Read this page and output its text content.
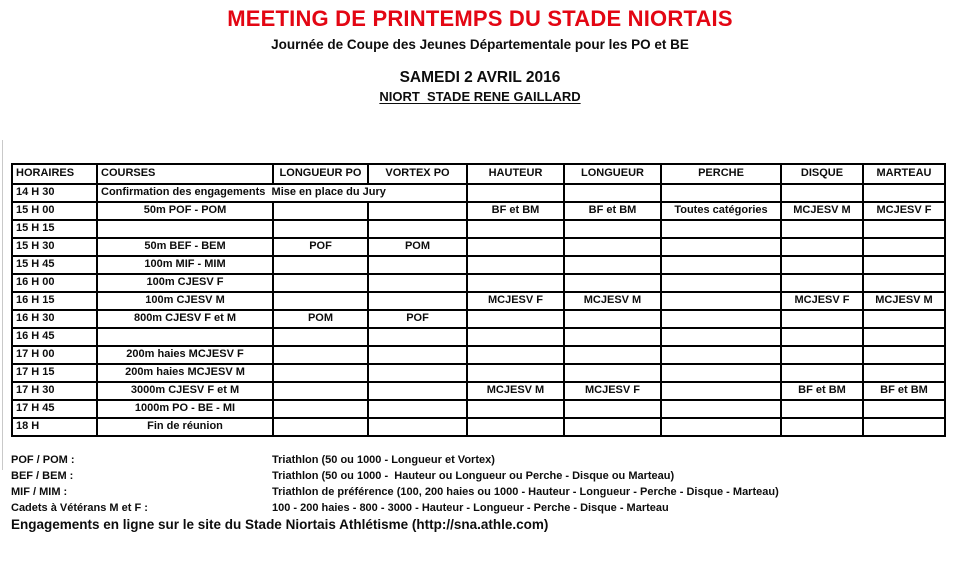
MEETING DE PRINTEMPS DU STADE NIORTAIS
Journée de Coupe des Jeunes Départementale pour les PO et BE
SAMEDI 2 AVRIL 2016
NIORT  STADE RENE GAILLARD
HORAIRES	COURSES	LONGUEUR PO	VORTEX PO	HAUTEUR	LONGUEUR	PERCHE	DISQUE	MARTEAU
14 H 30	Confirmation des engagements  Mise en place du Jury							
15 H 00	50m POF - POM			BF et BM	BF et BM	Toutes catégories	MCJESV M	MCJESV F
15 H 15								
15 H 30	50m BEF - BEM	POF	POM					
15 H 45	100m MIF - MIM							
16 H 00	100m CJESV F							
16 H 15	100m CJESV M			MCJESV F	MCJESV M		MCJESV F	MCJESV M
16 H 30	800m CJESV F et M	POM	POF					
16 H 45								
17 H 00	200m haies MCJESV F							
17 H 15	200m haies MCJESV M							
17 H 30	3000m CJESV F et M			MCJESV M	MCJESV F		BF et BM	BF et BM
17 H 45	1000m PO - BE - MI							
18 H	Fin de réunion							
POF / POM :	Triathlon (50 ou 1000 - Longueur et Vortex)
BEF / BEM :	Triathlon (50 ou 1000 -  Hauteur ou Longueur ou Perche - Disque ou Marteau)
MIF / MIM :	Triathlon de préférence (100, 200 haies ou 1000 - Hauteur - Longueur - Perche - Disque - Marteau)
Cadets à Vétérans M et F :	100 - 200 haies - 800 - 3000 - Hauteur - Longueur - Perche - Disque - Marteau
Engagements en ligne sur le site du Stade Niortais Athlétisme (http://sna.athle.com)
